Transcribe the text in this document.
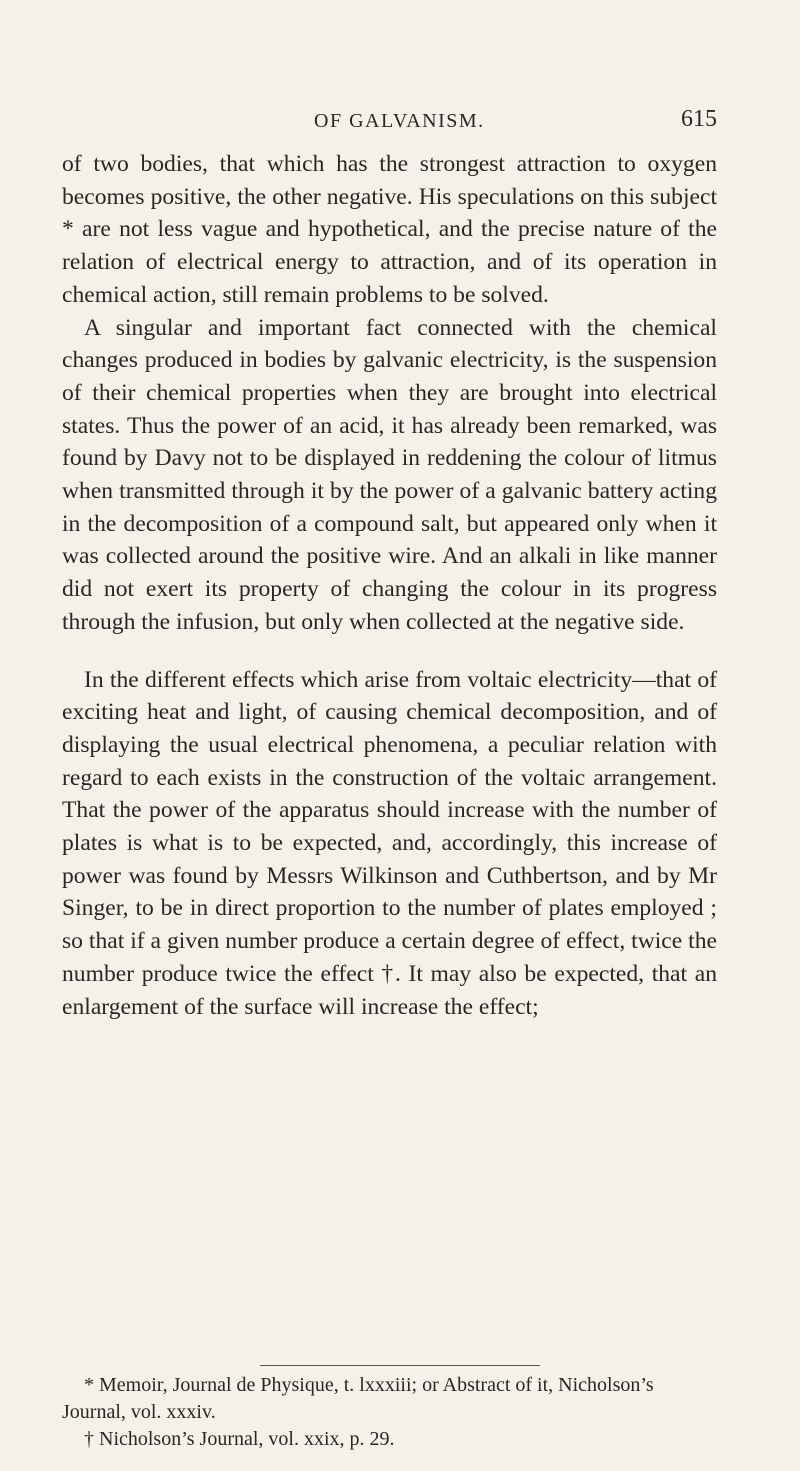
OF GALVANISM.	615

of two bodies, that which has the strongest attraction to oxygen becomes positive, the other negative. His speculations on this subject * are not less vague and hypothetical, and the precise nature of the relation of electrical energy to attraction, and of its operation in chemical action, still remain problems to be solved.

A singular and important fact connected with the chemical changes produced in bodies by galvanic electricity, is the suspension of their chemical properties when they are brought into electrical states. Thus the power of an acid, it has already been remarked, was found by Davy not to be displayed in reddening the colour of litmus when transmitted through it by the power of a galvanic battery acting in the decomposition of a compound salt, but appeared only when it was collected around the positive wire. And an alkali in like manner did not exert its property of changing the colour in its progress through the infusion, but only when collected at the negative side.

In the different effects which arise from voltaic electricity—that of exciting heat and light, of causing chemical decomposition, and of displaying the usual electrical phenomena, a peculiar relation with regard to each exists in the construction of the voltaic arrangement. That the power of the apparatus should increase with the number of plates is what is to be expected, and, accordingly, this increase of power was found by Messrs Wilkinson and Cuthbertson, and by Mr Singer, to be in direct proportion to the number of plates employed ; so that if a given number produce a certain degree of effect, twice the number produce twice the effect †. It may also be expected, that an enlargement of the surface will increase the effect;

* Memoir, Journal de Physique, t. lxxxiii; or Abstract of it, Nicholson’s Journal, vol. xxxiv.

† Nicholson’s Journal, vol. xxix, p. 29.
